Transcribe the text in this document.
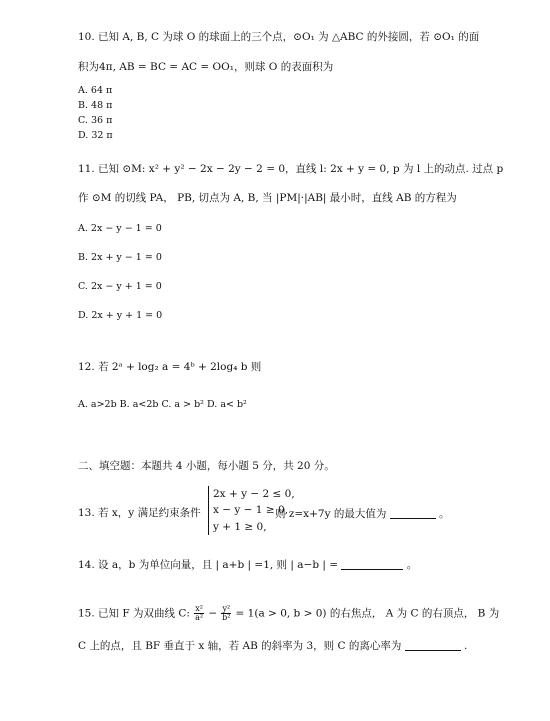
10. 已知 A, B, C 为球 O 的球面上的三个点，⊙O₁ 为 △ABC 的外接圆，若 ⊙O₁ 的面
积为4π, AB = BC = AC = OO₁，则球 O 的表面积为
A. 64 π
B. 48 π
C. 36 π
D. 32 π
11. 已知 ⊙M: x² + y² − 2x − 2y − 2 = 0，直线 l: 2x + y = 0, p 为 l 上的动点. 过点 p
作 ⊙M 的切线 PA， PB, 切点为 A, B, 当 |PM|·|AB| 最小时，直线 AB 的方程为
A. 2x − y − 1 = 0
B. 2x + y − 1 = 0
C. 2x − y + 1 = 0
D. 2x + y + 1 = 0
12. 若 2ᵃ + log₂ a = 4ᵇ + 2log₄ b 则
A. a>2b B. a<2b C. a > b² D. a< b²
二、填空题：本题共 4 小题，每小题 5 分，共 20 分。
13. 若 x，y 满足约束条件
2x + y − 2 ≤ 0,
x − y − 1 ≥ 0,
y + 1 ≥ 0,
则 z=x+7y 的最大值为	。
14. 设 a，b 为单位向量，且 | a+b | =1, 则 | a−b | =	。
15. 已知 F 为双曲线 C: $\frac{\text{x²}}{\text{a²}} - \frac{\text{y²}}{\text{b²}} = 1(a > 0$, b > 0) 的右焦点， A 为 C 的右顶点， B 为
C 上的点，且 BF 垂直于 x 轴，若 AB 的斜率为 3，则 C 的离心率为	.
